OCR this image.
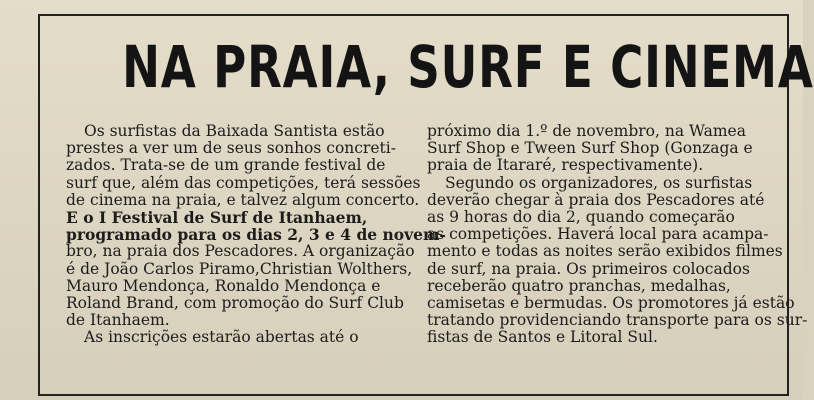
NA PRAIA, SURF E CINEMA
Os surfistas da Baixada Santista estão
prestes a ver um de seus sonhos concreti-
zados. Trata-se de um grande festival de
surf que, além das competições, terá sessões
de cinema na praia, e talvez algum concerto.
E o I Festival de Surf de Itanhaem,
programado para os dias 2, 3 e 4 de novem-
bro, na praia dos Pescadores. A organização
é de João Carlos Piramo,Christian Wolthers,
Mauro Mendonça, Ronaldo Mendonça e
Roland Brand, com promoção do Surf Club
de Itanhaem.
As inscrições estarão abertas até o
próximo dia 1.º de novembro, na Wamea
Surf Shop e Tween Surf Shop (Gonzaga e
praia de Itararé, respectivamente).
Segundo os organizadores, os surfistas
deverão chegar à praia dos Pescadores até
as 9 horas do dia 2, quando começarão
as competições. Haverá local para acampa-
mento e todas as noites serão exibidos filmes
de surf, na praia. Os primeiros colocados
receberão quatro pranchas, medalhas,
camisetas e bermudas. Os promotores já estão
tratando providenciando transporte para os sur-
fistas de Santos e Litoral Sul.
